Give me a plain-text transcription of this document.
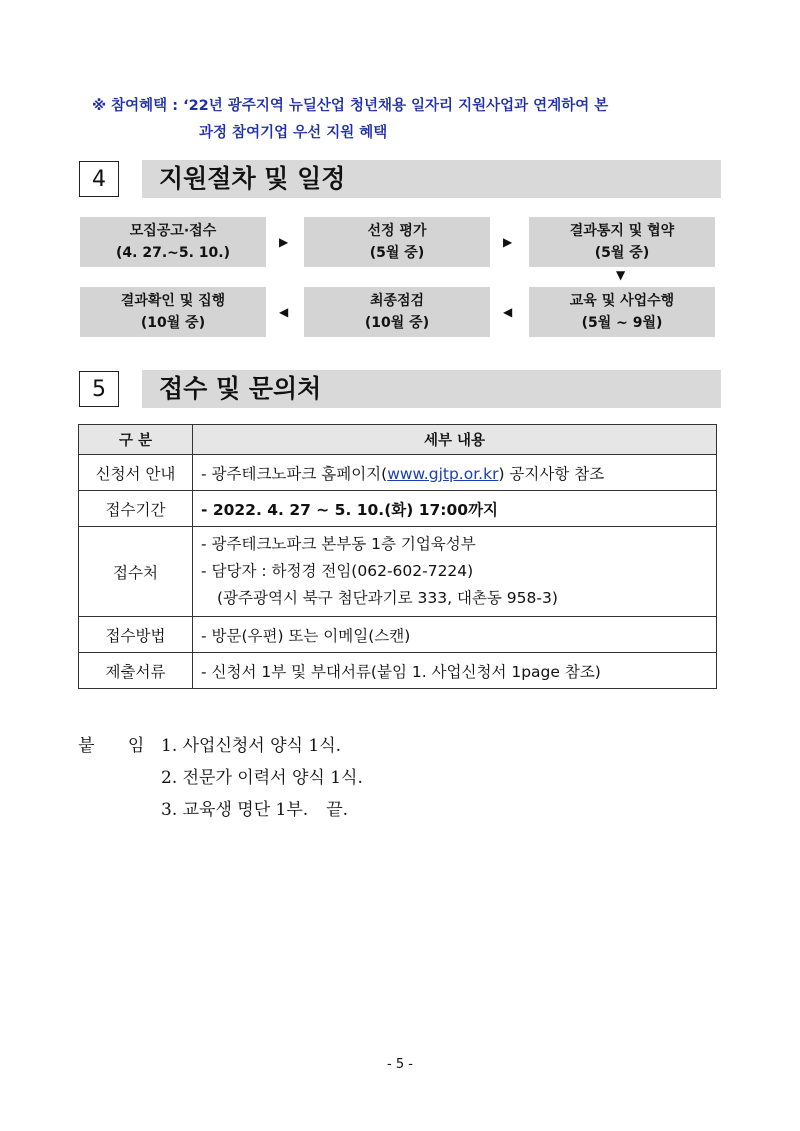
※ 참여혜택 : ‘22년 광주지역 뉴딜산업 청년채용 일자리 지원사업과 연계하여 본
과정 참여기업 우선 지원 혜택
4	지원절차 및 일정
모집공고·접수
(4. 27.~5. 10.)
▶
선정 평가
(5월 중)
▶
결과통지 및 협약
(5월 중)
▼
결과확인 및 집행
(10월 중)
◀
최종점검
(10월 중)
◀
교육 및 사업수행
(5월 ~ 9월)
5	접수 및 문의처
구 분	세부 내용
신청서 안내	- 광주테크노파크 홈페이지(www.gjtp.or.kr) 공지사항 참조
접수기간	- 2022. 4. 27 ~ 5. 10.(화) 17:00까지
접수처	- 광주테크노파크 본부동 1층 기업육성부
- 담당자 : 하정경 전임(062-602-7224)
(광주광역시 북구 첨단과기로 333, 대촌동 958-3)

접수방법	- 방문(우편) 또는 이메일(스캔)
제출서류	- 신청서 1부 및 부대서류(붙임 1. 사업신청서 1page 참조)
붙 임 1. 사업신청서 양식 1식.
2. 전문가 이력서 양식 1식.
3. 교육생 명단 1부. 끝.
- 5 -
